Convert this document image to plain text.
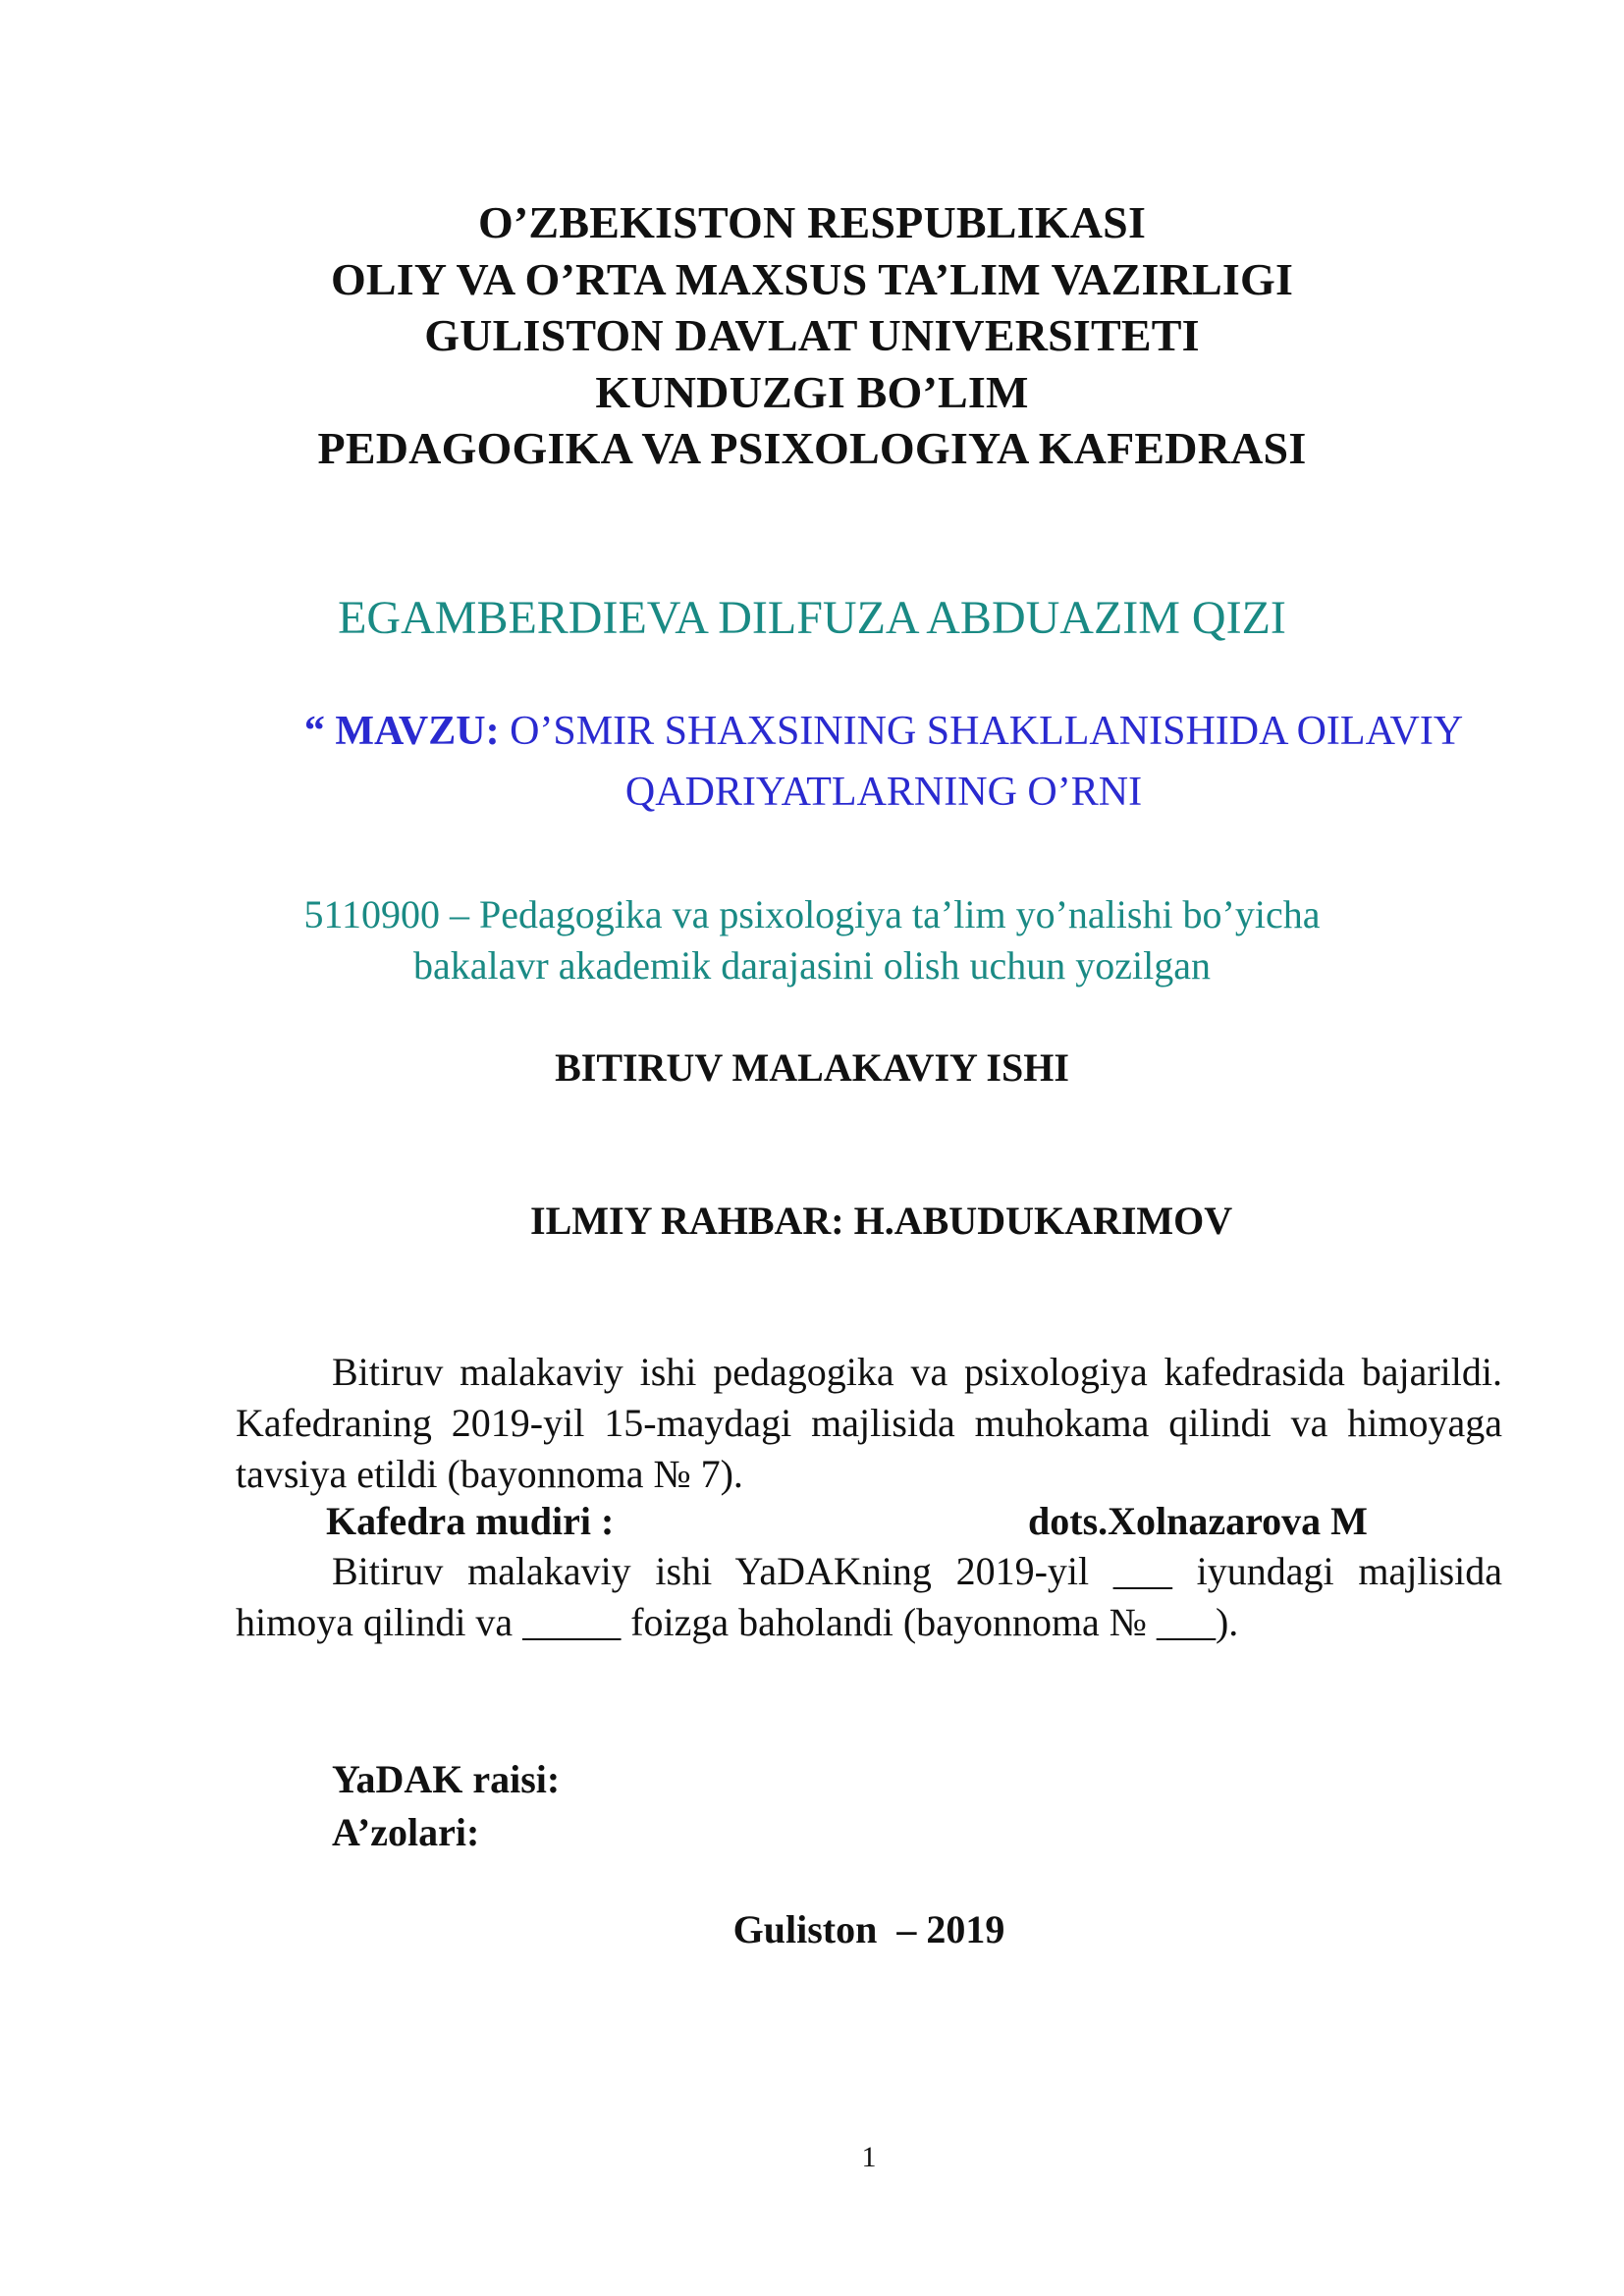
O’ZBEKISTON RESPUBLIKASI
OLIY VA O’RTA MAXSUS TA’LIM VAZIRLIGI
GULISTON DAVLAT UNIVERSITETI
KUNDUZGI BO’LIM
PEDAGOGIKA VA PSIXOLOGIYA KAFEDRASI
EGAMBERDIEVA DILFUZA ABDUAZIM QIZI
“ MAVZU: O’SMIR SHAXSINING SHAKLLANISHIDA OILAVIY QADRIYATLARNING O’RNI
5110900 – Pedagogika va psixologiya ta’lim yo’nalishi bo’yicha
bakalavr akademik darajasini olish uchun yozilgan
BITIRUV MALAKAVIY ISHI
ILMIY RAHBAR: H.ABUDUKARIMOV
Bitiruv malakaviy ishi pedagogika va psixologiya kafedrasida bajarildi. Kafedraning 2019-yil 15-maydagi majlisida muhokama qilindi va himoyaga tavsiya etildi (bayonnoma № 7).
Kafedra mudiri :	dots.Xolnazarova M
Bitiruv malakaviy ishi YaDAKning 2019-yil ___ iyundagi majlisida himoya qilindi va _____ foizga baholandi (bayonnoma № ___).
YaDAK raisi:
A’zolari:
Guliston  – 2019
1
